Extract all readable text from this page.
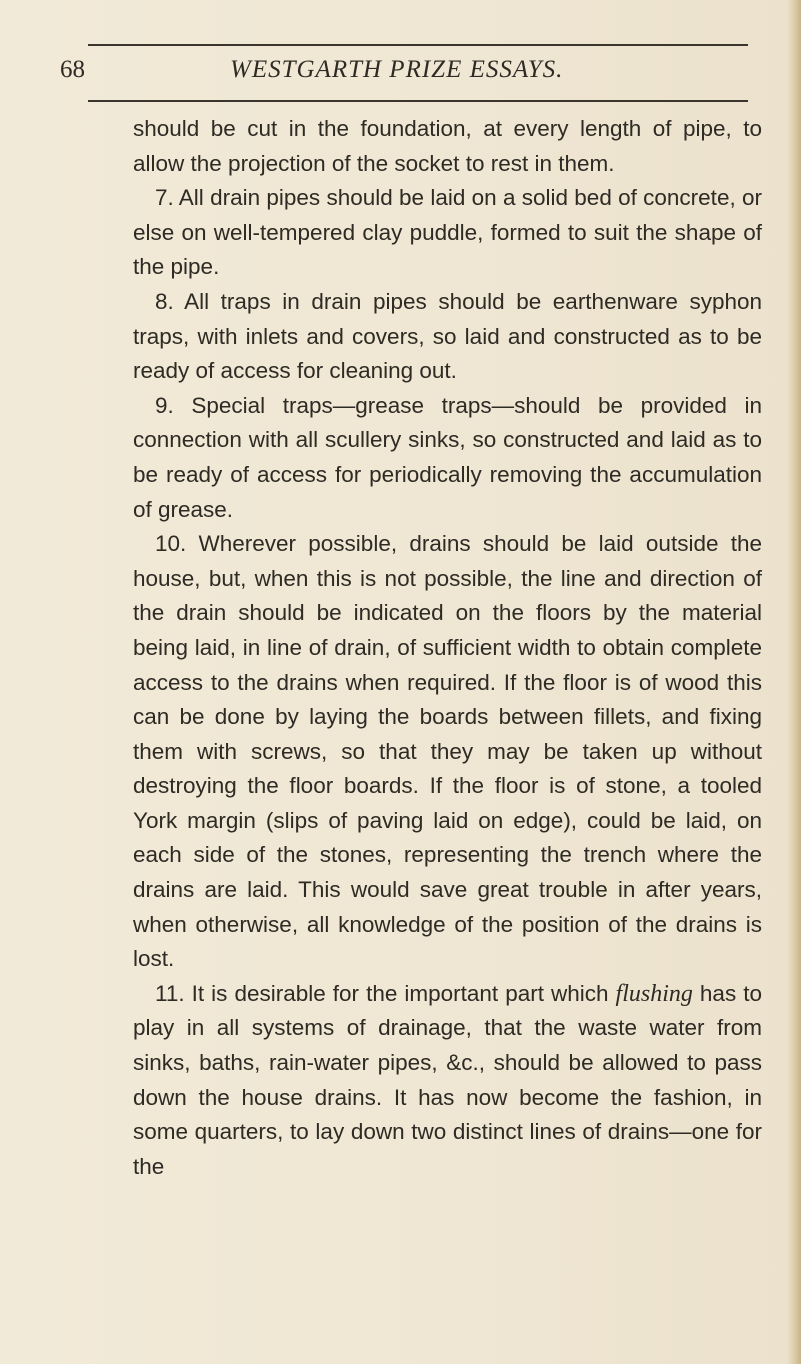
68	WESTGARTH PRIZE ESSAYS.

should be cut in the foundation, at every length of pipe, to allow the projection of the socket to rest in them.

7. All drain pipes should be laid on a solid bed of concrete, or else on well-tempered clay puddle, formed to suit the shape of the pipe.

8. All traps in drain pipes should be earthenware syphon traps, with inlets and covers, so laid and constructed as to be ready of access for cleaning out.

9. Special traps—grease traps—should be provided in connection with all scullery sinks, so constructed and laid as to be ready of access for periodically removing the accumulation of grease.

10. Wherever possible, drains should be laid outside the house, but, when this is not possible, the line and direction of the drain should be indicated on the floors by the material being laid, in line of drain, of sufficient width to obtain complete access to the drains when required. If the floor is of wood this can be done by laying the boards between fillets, and fixing them with screws, so that they may be taken up without destroying the floor boards. If the floor is of stone, a tooled York margin (slips of paving laid on edge), could be laid, on each side of the stones, representing the trench where the drains are laid. This would save great trouble in after years, when otherwise, all knowledge of the position of the drains is lost.

11. It is desirable for the important part which flushing has to play in all systems of drainage, that the waste water from sinks, baths, rain-water pipes, &c., should be allowed to pass down the house drains. It has now become the fashion, in some quarters, to lay down two distinct lines of drains—one for the
